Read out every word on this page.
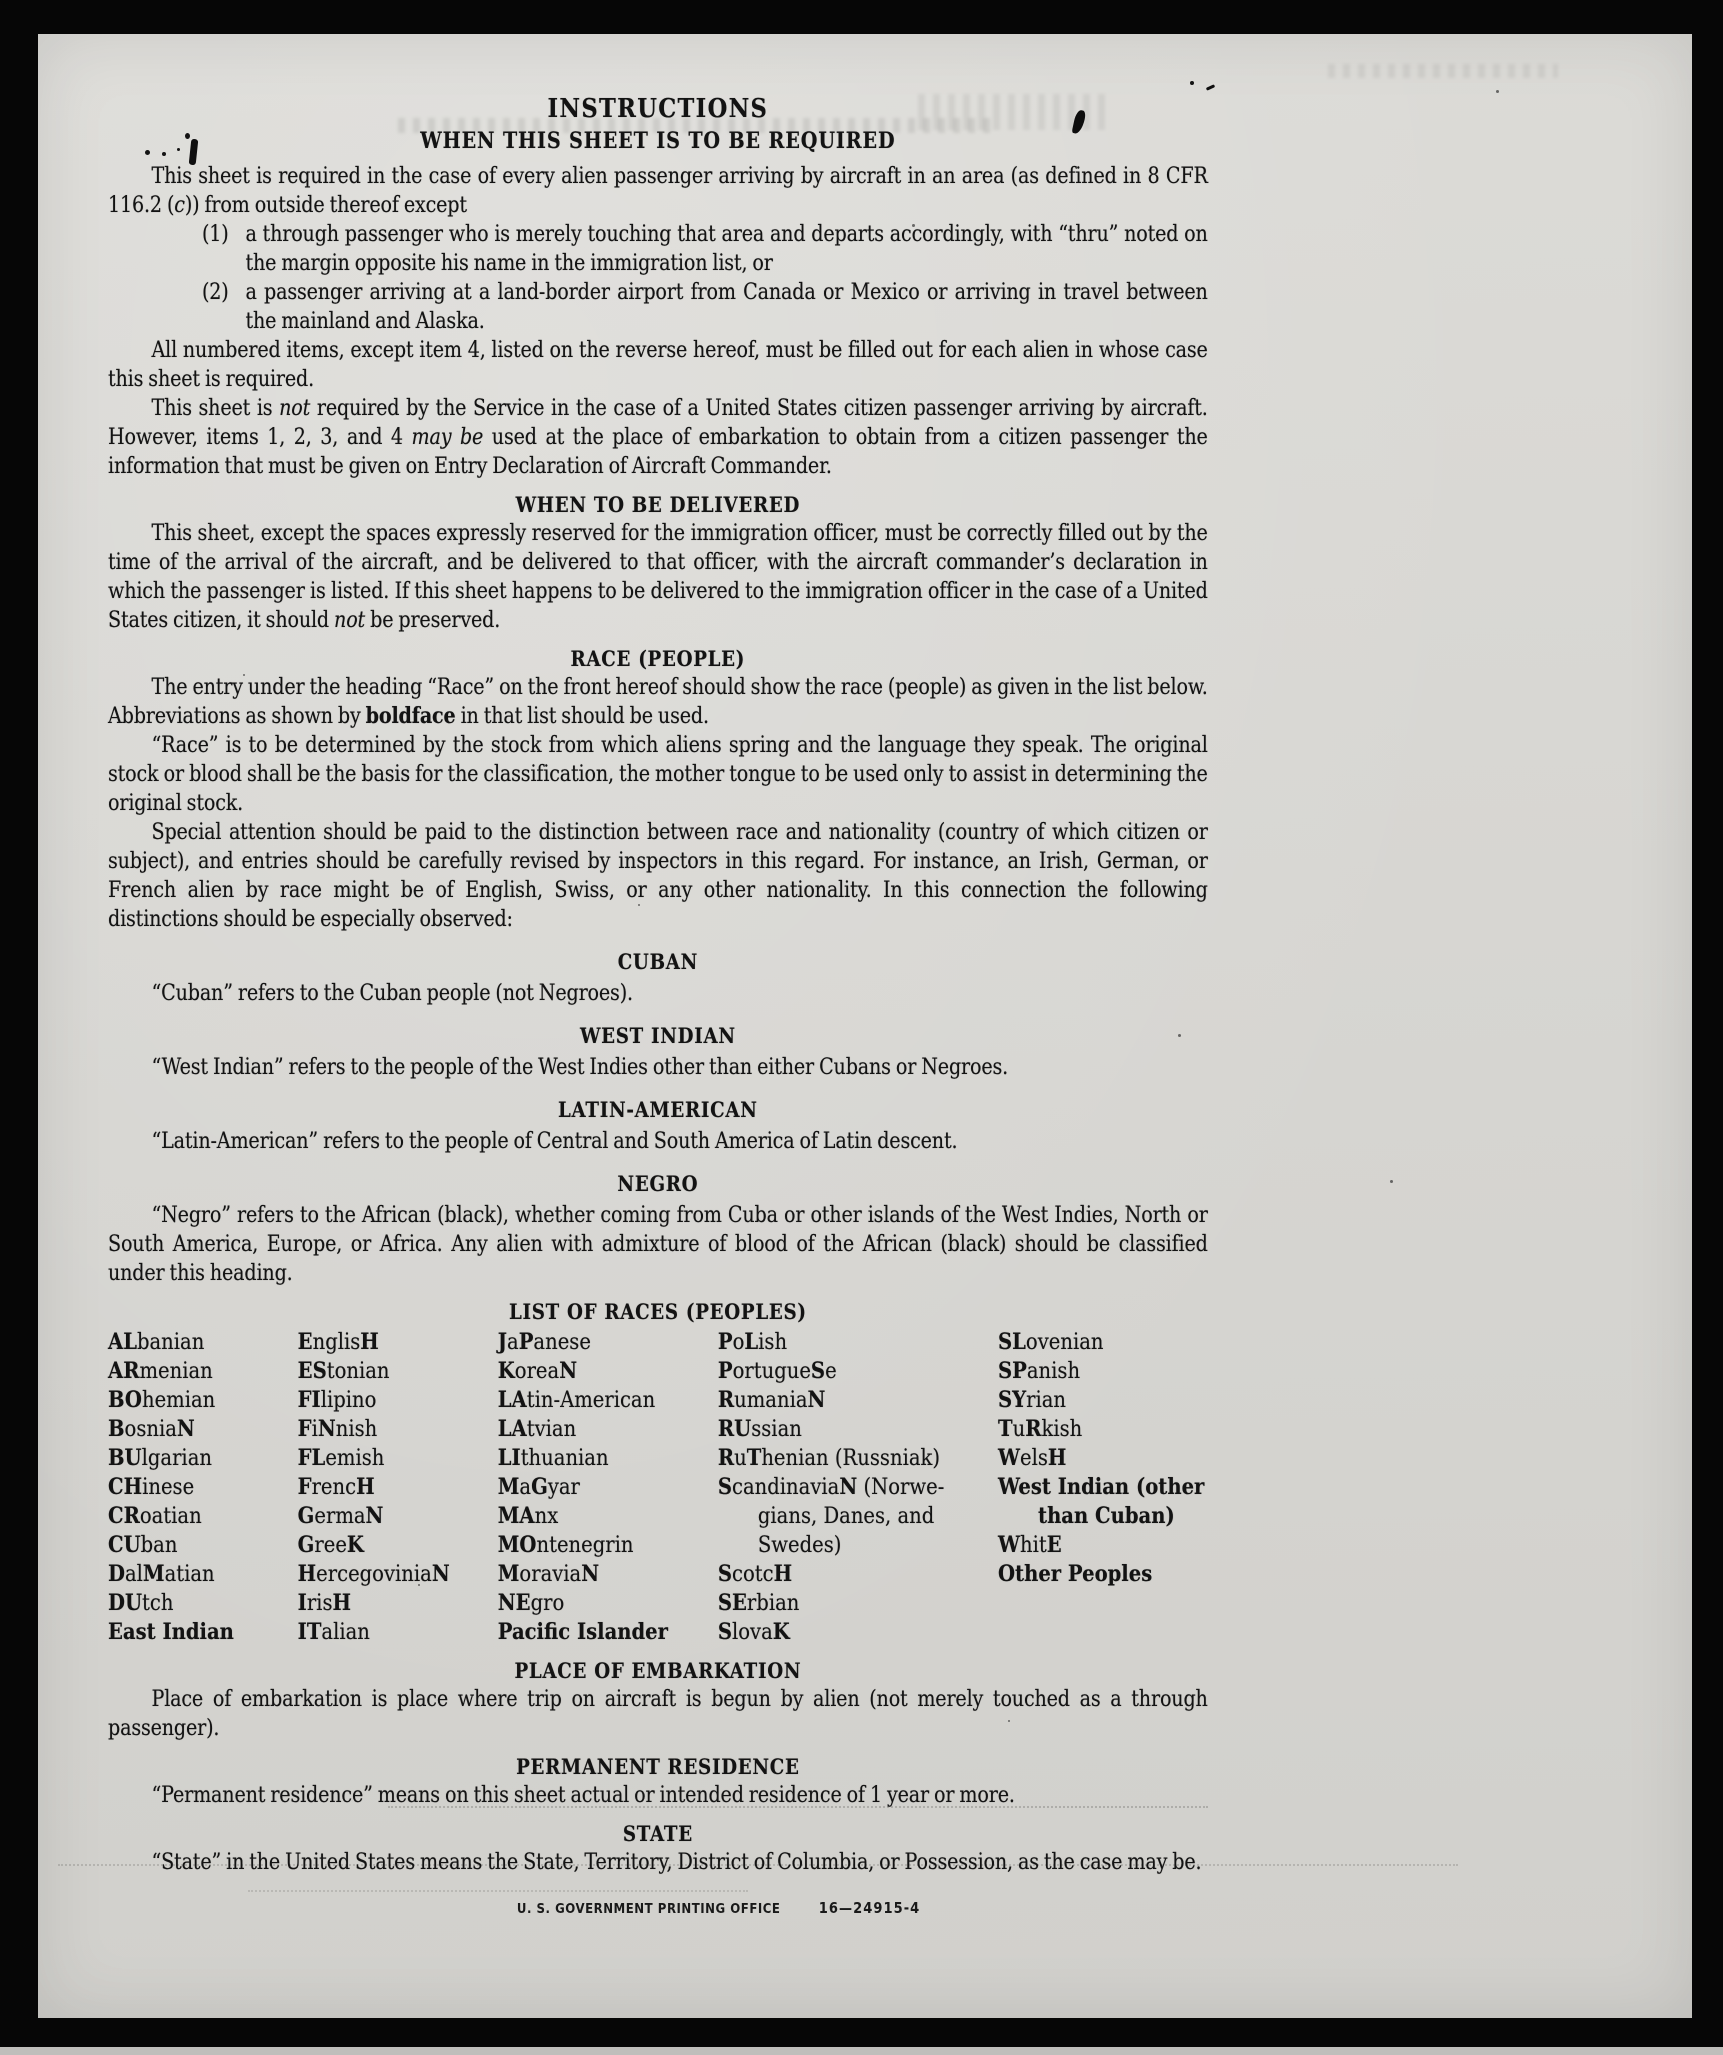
INSTRUCTIONS
WHEN THIS SHEET IS TO BE REQUIRED

This sheet is required in the case of every alien passenger arriving by aircraft in an area (as defined in 8 CFR 116.2 (c)) from outside thereof except

(1) a through passenger who is merely touching that area and departs accordingly, with “thru” noted on the margin opposite his name in the immigration list, or
(2) a passenger arriving at a land-border airport from Canada or Mexico or arriving in travel between the mainland and Alaska.

All numbered items, except item 4, listed on the reverse hereof, must be filled out for each alien in whose case this sheet is required.

This sheet is not required by the Service in the case of a United States citizen passenger arriving by aircraft. However, items 1, 2, 3, and 4 may be used at the place of embarkation to obtain from a citizen passenger the information that must be given on Entry Declaration of Aircraft Commander.

WHEN TO BE DELIVERED

This sheet, except the spaces expressly reserved for the immigration officer, must be correctly filled out by the time of the arrival of the aircraft, and be delivered to that officer, with the aircraft commander’s declaration in which the passenger is listed. If this sheet happens to be delivered to the immigration officer in the case of a United States citizen, it should not be preserved.

RACE (PEOPLE)

The entry under the heading “Race” on the front hereof should show the race (people) as given in the list below. Abbreviations as shown by boldface in that list should be used.

“Race” is to be determined by the stock from which aliens spring and the language they speak. The original stock or blood shall be the basis for the classification, the mother tongue to be used only to assist in determining the original stock.

Special attention should be paid to the distinction between race and nationality (country of which citizen or subject), and entries should be carefully revised by inspectors in this regard. For instance, an Irish, German, or French alien by race might be of English, Swiss, or any other nationality. In this connection the following distinctions should be especially observed:

CUBAN

“Cuban” refers to the Cuban people (not Negroes).

WEST INDIAN

“West Indian” refers to the people of the West Indies other than either Cubans or Negroes.

LATIN-AMERICAN

“Latin-American” refers to the people of Central and South America of Latin descent.

NEGRO

“Negro” refers to the African (black), whether coming from Cuba or other islands of the West Indies, North or South America, Europe, or Africa. Any alien with admixture of blood of the African (black) should be classified under this heading.

LIST OF RACES (PEOPLES)
ALbanian
ARmenian
BOhemian
BosniaN
BUlgarian
CHinese
CRoatian
CUban
DalMatian
DUtch
East Indian
EnglisH
EStonian
FIlipino
FiNnish
FLemish
FrencH
GermaN
GreeK
HercegoviniaN
IrisH
ITalian
JaPanese
KoreaN
LAtin-American
LAtvian
LIthuanian
MaGyar
MAnx
MOntenegrin
MoraviaN
NEgro
Pacific Islander
PoLish
PortugueSe
RumaniaN
RUssian
RuThenian (Russniak)
ScandinaviaN (Norwe-
gians, Danes, and
Swedes)
ScotcH
SErbian
SlovaK
SLovenian
SPanish
SYrian
TuRkish
WelsH
West Indian (other
than Cuban)
WhitE
Other Peoples
PLACE OF EMBARKATION

Place of embarkation is place where trip on aircraft is begun by alien (not merely touched as a through passenger).

PERMANENT RESIDENCE

“Permanent residence” means on this sheet actual or intended residence of 1 year or more.

STATE

“State” in the United States means the State, Territory, District of Columbia, or Possession, as the case may be.

U. S. GOVERNMENT PRINTING OFFICE	16—24915-4
